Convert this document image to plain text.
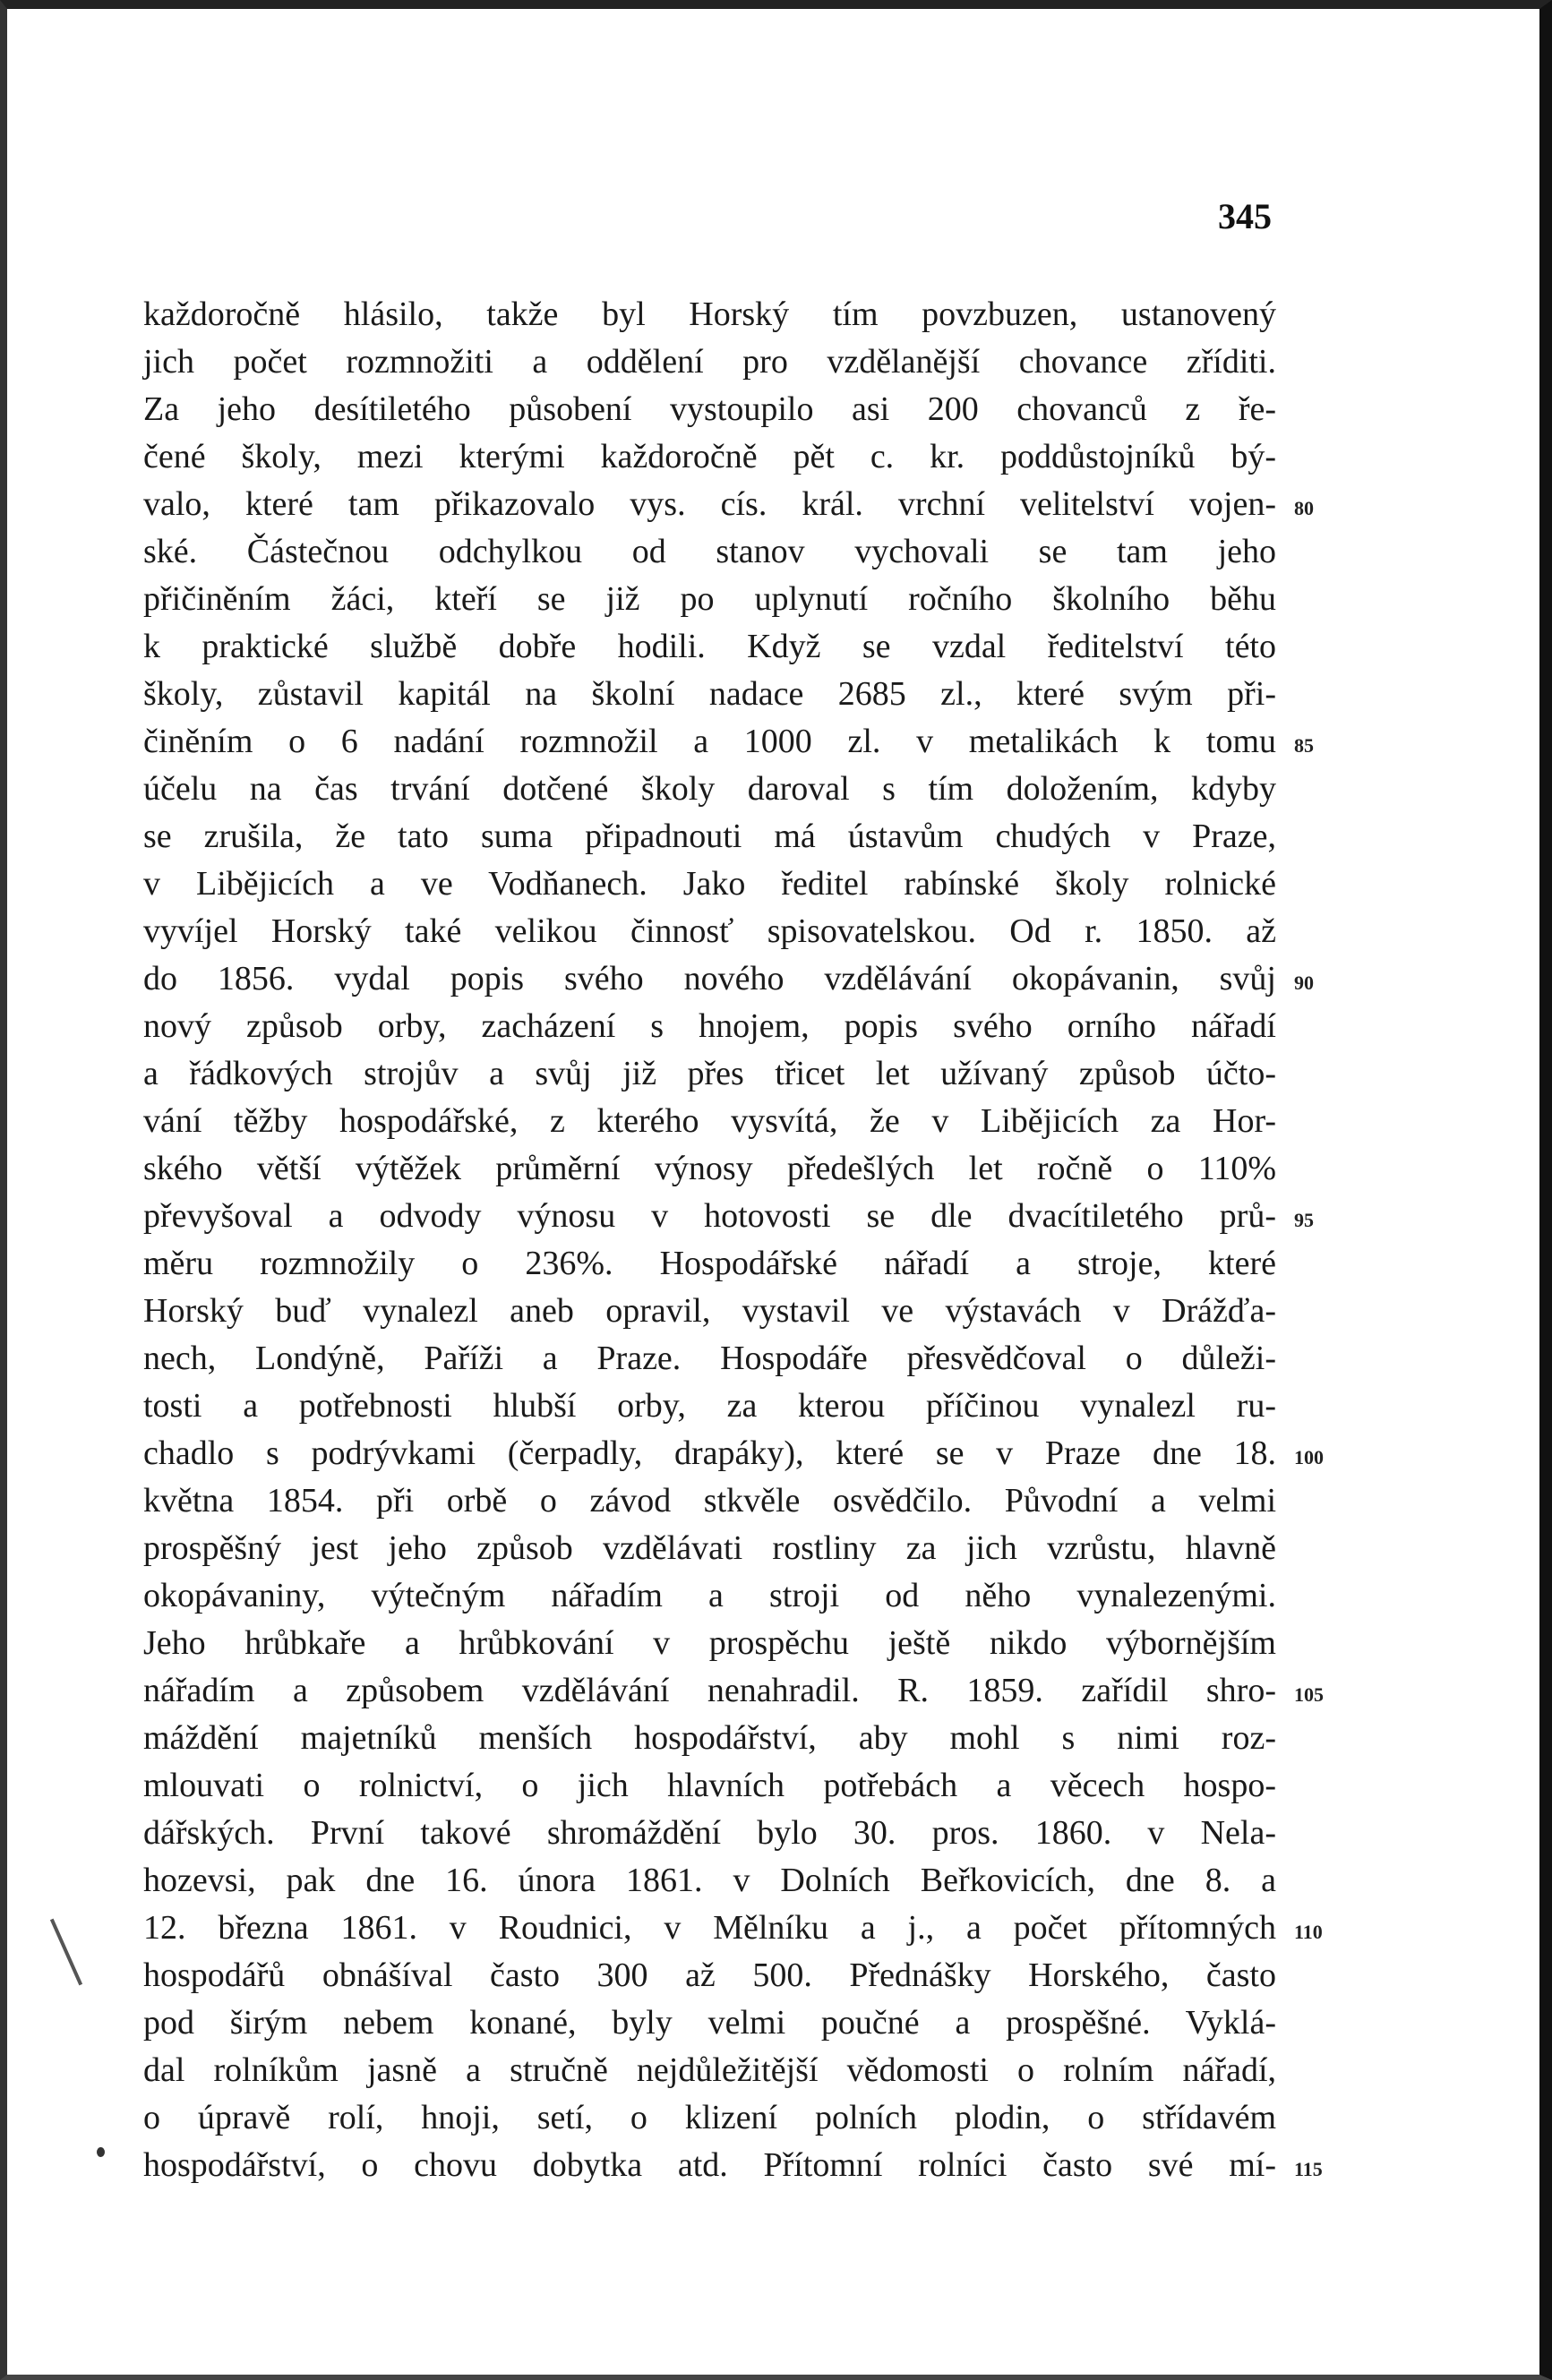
345
každoročně hlásilo, takže byl Horský tím povzbuzen, ustanovený
jich počet rozmnožiti a oddělení pro vzdělanější chovance zříditi.
Za jeho desítiletého působení vystoupilo asi 200 chovanců z ře-
čené školy, mezi kterými každoročně pět c. kr. poddůstojníků bý-
valo, které tam přikazovalo vys. cís. král. vrchní velitelství vojen-
ské. Částečnou odchylkou od stanov vychovali se tam jeho
přičiněním žáci, kteří se již po uplynutí ročního školního běhu
k praktické službě dobře hodili. Když se vzdal ředitelství této
školy, zůstavil kapitál na školní nadace 2685 zl., které svým při-
činěním o 6 nadání rozmnožil a 1000 zl. v metalikách k tomu
účelu na čas trvání dotčené školy daroval s tím doložením, kdyby
se zrušila, že tato suma připadnouti má ústavům chudých v Praze,
v Libějicích a ve Vodňanech. Jako ředitel rabínské školy rolnické
vyvíjel Horský také velikou činnosť spisovatelskou. Od r. 1850. až
do 1856. vydal popis svého nového vzdělávání okopávanin, svůj
nový způsob orby, zacházení s hnojem, popis svého orního nářadí
a řádkových strojův a svůj již přes třicet let užívaný způsob účto-
vání těžby hospodářské, z kterého vysvítá, že v Libějicích za Hor-
ského větší výtěžek průměrní výnosy předešlých let ročně o 110%
převyšoval a odvody výnosu v hotovosti se dle dvacítiletého prů-
měru rozmnožily o 236%. Hospodářské nářadí a stroje, které
Horský buď vynalezl aneb opravil, vystavil ve výstavách v Drážďa-
nech, Londýně, Paříži a Praze. Hospodáře přesvědčoval o důleži-
tosti a potřebnosti hlubší orby, za kterou příčinou vynalezl ru-
chadlo s podrývkami (čerpadly, drapáky), které se v Praze dne 18.
května 1854. při orbě o závod stkvěle osvědčilo. Původní a velmi
prospěšný jest jeho způsob vzdělávati rostliny za jich vzrůstu, hlavně
okopávaniny, výtečným nářadím a stroji od něho vynalezenými.
Jeho hrůbkaře a hrůbkování v prospěchu ještě nikdo výbornějším
nářadím a způsobem vzdělávání nenahradil. R. 1859. zařídil shro-
máždění majetníků menších hospodářství, aby mohl s nimi roz-
mlouvati o rolnictví, o jich hlavních potřebách a věcech hospo-
dářských. První takové shromáždění bylo 30. pros. 1860. v Nela-
hozevsi, pak dne 16. února 1861. v Dolních Beřkovicích, dne 8. a
12. března 1861. v Roudnici, v Mělníku a j., a počet přítomných
hospodářů obnášíval často 300 až 500. Přednášky Horského, často
pod širým nebem konané, byly velmi poučné a prospěšné. Vyklá-
dal rolníkům jasně a stručně nejdůležitější vědomosti o rolním nářadí,
o úpravě rolí, hnoji, setí, o klizení polních plodin, o střídavém
hospodářství, o chovu dobytka atd. Přítomní rolníci často své mí-
80
85
90
95
100
105
110
115
